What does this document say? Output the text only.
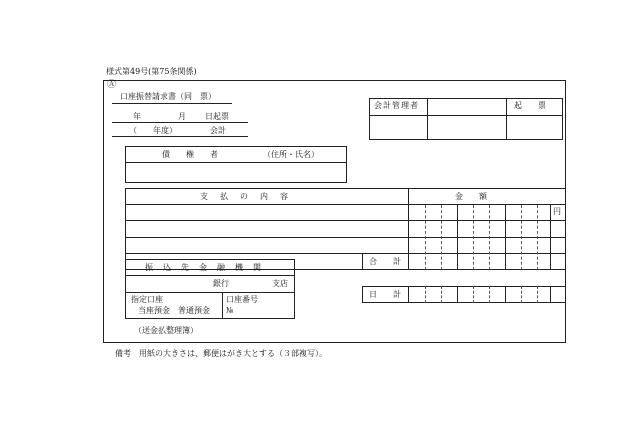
様式第49号(第75条関係)
Ⓐ
口座振替請求書（同　票）
年	月 日起票
（　　年度）	会計
会計管理者	起　　票
債　　権　　者	（住所・氏名）
支　払　の　内　容	金　　額
円
合　　計
日　　計
振　込　先　金　融　機　関
銀行	支店
指定口座
当座預金　普通預金
口座番号
№
（送金払整理簿）
備考　用紙の大きさは、郵便はがき大とする（３部複写）。
